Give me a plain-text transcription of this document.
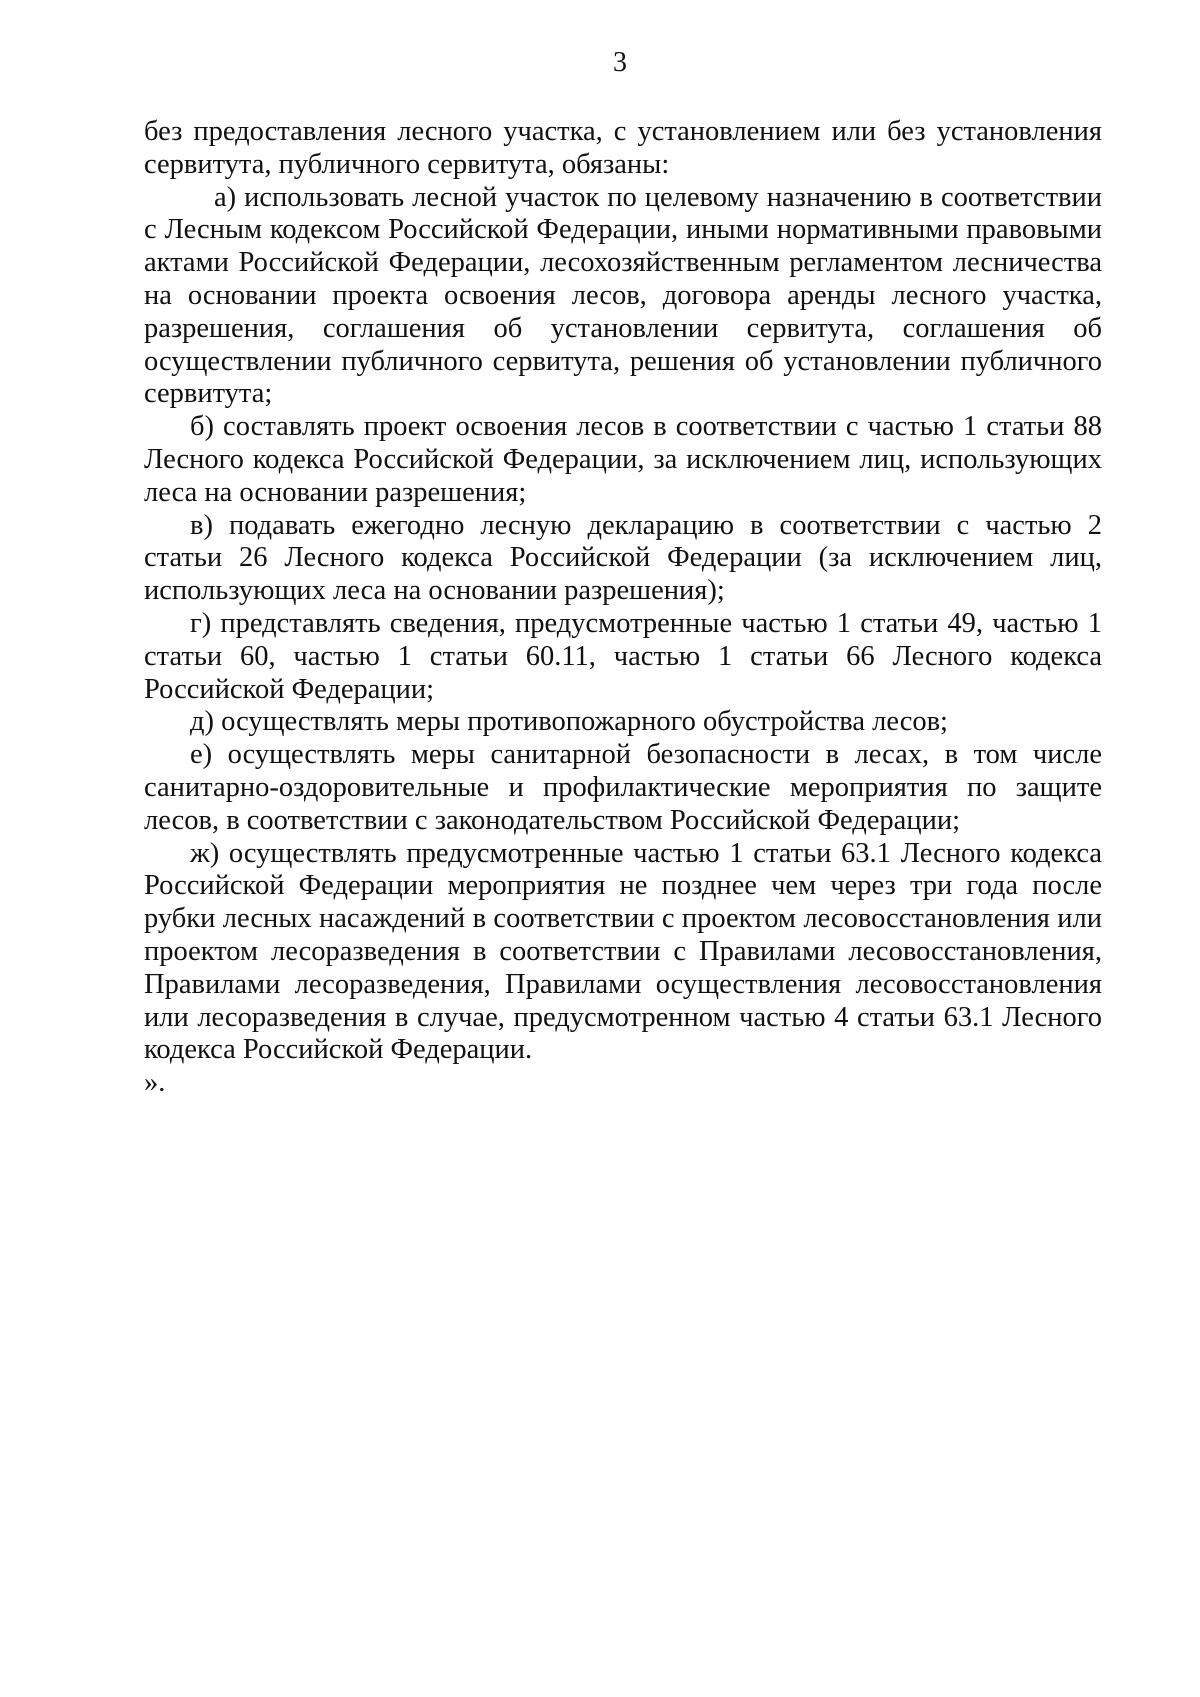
3

без предоставления лесного участка, с установлением или без установления сервитута, публичного сервитута, обязаны:

а) использовать лесной участок по целевому назначению в соответствии с Лесным кодексом Российской Федерации, иными нормативными правовыми актами Российской Федерации, лесохозяйственным регламентом лесничества на основании проекта освоения лесов, договора аренды лесного участка, разрешения, соглашения об установлении сервитута, соглашения об осуществлении публичного сервитута, решения об установлении публичного сервитута;

б) составлять проект освоения лесов в соответствии с частью 1 статьи 88 Лесного кодекса Российской Федерации, за исключением лиц, использующих леса на основании разрешения;

в) подавать ежегодно лесную декларацию в соответствии с частью 2 статьи 26 Лесного кодекса Российской Федерации (за исключением лиц, использующих леса на основании разрешения);

г) представлять сведения, предусмотренные частью 1 статьи 49, частью 1 статьи 60, частью 1 статьи 60.11, частью 1 статьи 66 Лесного кодекса Российской Федерации;

д) осуществлять меры противопожарного обустройства лесов;

е) осуществлять меры санитарной безопасности в лесах, в том числе санитарно-оздоровительные и профилактические мероприятия по защите лесов, в соответствии с законодательством Российской Федерации;

ж) осуществлять предусмотренные частью 1 статьи 63.1 Лесного кодекса Российской Федерации мероприятия не позднее чем через три года после рубки лесных насаждений в соответствии с проектом лесовосстановления или проектом лесоразведения в соответствии с Правилами лесовосстановления, Правилами лесоразведения, Правилами осуществления лесовосстановления или лесоразведения в случае, предусмотренном частью 4 статьи 63.1 Лесного кодекса Российской Федерации.

».
